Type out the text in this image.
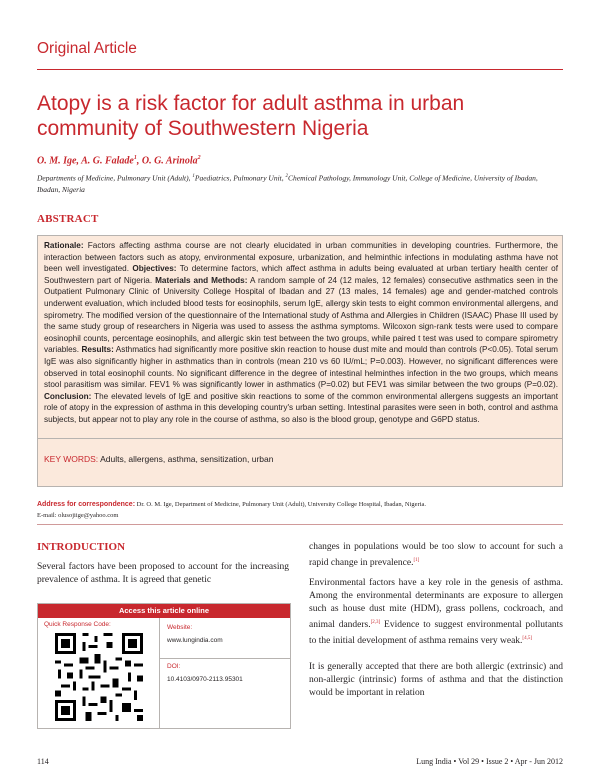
Original Article
Atopy is a risk factor for adult asthma in urban community of Southwestern Nigeria
O. M. Ige, A. G. Falade$^1$, O. G. Arinola$^2$
Departments of Medicine, Pulmonary Unit (Adult), $^1$Paediatrics, Pulmonary Unit, $^2$Chemical Pathology, Immunology Unit, College of Medicine, University of Ibadan, Ibadan, Nigeria
ABSTRACT
Rationale: Factors affecting asthma course are not clearly elucidated in urban communities in developing countries. Furthermore, the interaction between factors such as atopy, environmental exposure, urbanization, and helminthic infections in modulating asthma have not been well investigated. Objectives: To determine factors, which affect asthma in adults being evaluated at urban tertiary health center of Southwestern part of Nigeria. Materials and Methods: A random sample of 24 (12 males, 12 females) consecutive asthmatics seen in the Outpatient Pulmonary Clinic of University College Hospital of Ibadan and 27 (13 males, 14 females) age and gender-matched controls underwent evaluation, which included blood tests for eosinophils, serum IgE, allergy skin tests to eight common environmental allergens, and spirometry. The modified version of the questionnaire of the International study of Asthma and Allergies in Children (ISAAC) Phase III used by the same study group of researchers in Nigeria was used to assess the asthma symptoms. Wilcoxon sign-rank tests were used to compare eosinophil counts, percentage eosinophils, and allergic skin test between the two groups, while paired t test was used to compare spirometry variables. Results: Asthmatics had significantly more positive skin reaction to house dust mite and mould than controls (P<0.05). Total serum IgE was also significantly higher in asthmatics than in controls (mean 210 vs 60 IU/mL; P=0.003). However, no significant differences were observed in total eosinophil counts. No significant difference in the degree of intestinal helminthes infection in the two groups, which means stool parasitism was similar. FEV1 % was significantly lower in asthmatics (P=0.02) but FEV1 was similar between the two groups (P=0.02). Conclusion: The elevated levels of IgE and positive skin reactions to some of the common environmental allergens suggests an important role of atopy in the expression of asthma in this developing country's urban setting. Intestinal parasites were seen in both, control and asthma subjects, but appear not to play any role in the course of asthma, so also is the blood group, genotype and G6PD status.
KEY WORDS: Adults, allergens, asthma, sensitization, urban
Address for correspondence: Dr. O. M. Ige, Department of Medicine, Pulmonary Unit (Adult), University College Hospital, Ibadan, Nigeria.
E-mail: olusojiige@yahoo.com
INTRODUCTION
Several factors have been proposed to account for the increasing prevalence of asthma. It is agreed that genetic
Access this article online
Quick Response Code:	Website:
www.lungindia.com
DOI:
10.4103/0970-2113.95301
changes in populations would be too slow to account for such a rapid change in prevalence.[1]
Environmental factors have a key role in the genesis of asthma. Among the environmental determinants are exposure to allergen such as house dust mite (HDM), grass pollens, cockroach, and animal danders.[2,3] Evidence to suggest environmental pollutants to the initial development of asthma remains very weak.[4,5]
It is generally accepted that there are both allergic (extrinsic) and non-allergic (intrinsic) forms of asthma and that the distinction would be important in relation
114	Lung India • Vol 29 • Issue 2 • Apr - Jun 2012
